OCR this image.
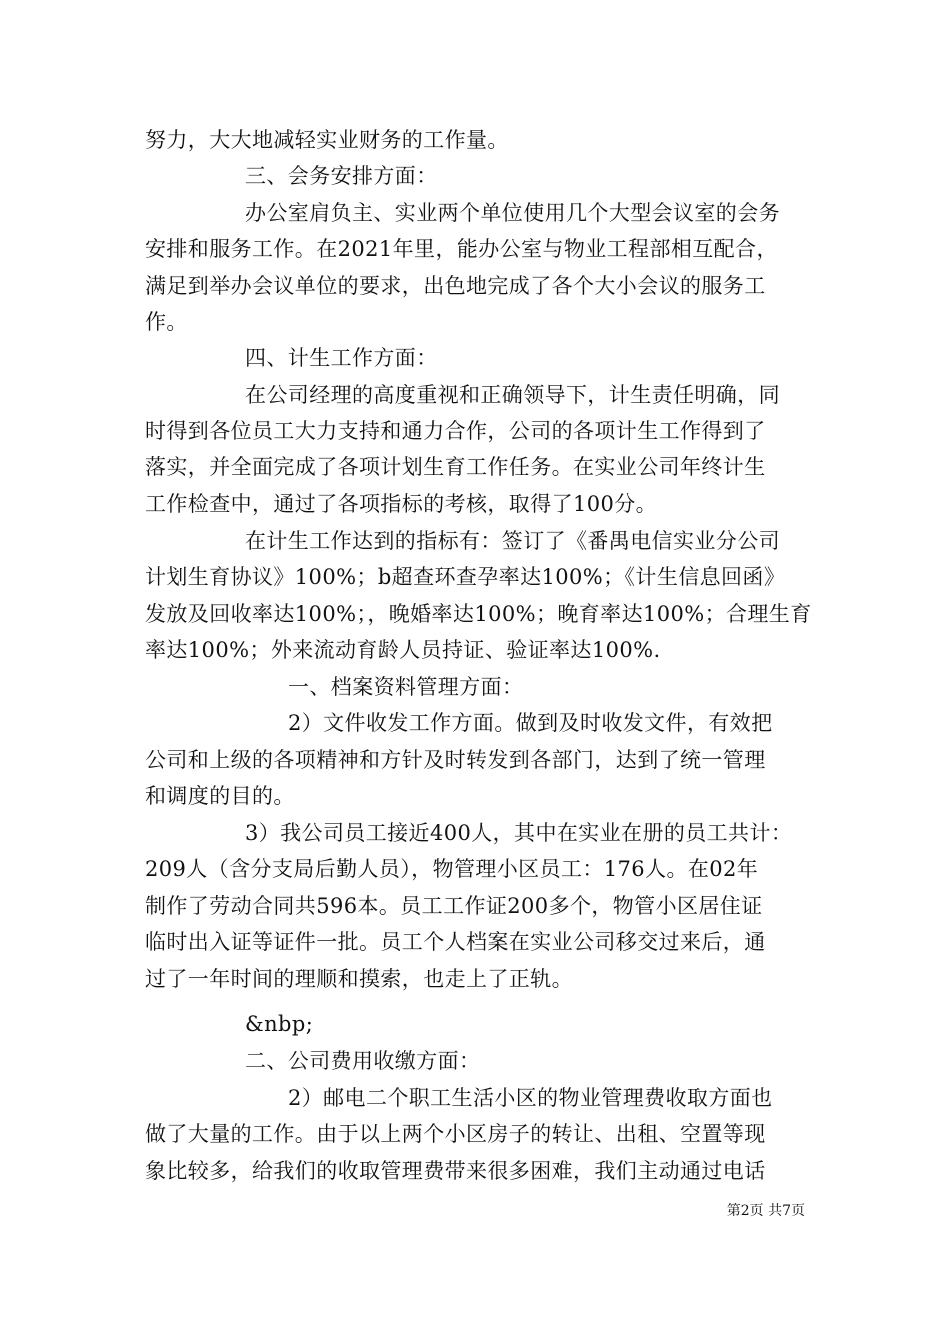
努力，大大地减轻实业财务的工作量。
三、会务安排方面：
办公室肩负主、实业两个单位使用几个大型会议室的会务
安排和服务工作。在2021年里，能办公室与物业工程部相互配合，
满足到举办会议单位的要求，出色地完成了各个大小会议的服务工
作。
四、计生工作方面：
在公司经理的高度重视和正确领导下，计生责任明确，同
时得到各位员工大力支持和通力合作，公司的各项计生工作得到了
落实，并全面完成了各项计划生育工作任务。在实业公司年终计生
工作检查中，通过了各项指标的考核，取得了100分。
在计生工作达到的指标有：签订了《番禺电信实业分公司
计划生育协议》100%；b超查环查孕率达100%；《计生信息回函》
发放及回收率达100%；，晚婚率达100%；晚育率达100%；合理生育
率达100%；外来流动育龄人员持证、验证率达100%.
一、档案资料管理方面：
2）文件收发工作方面。做到及时收发文件，有效把
公司和上级的各项精神和方针及时转发到各部门，达到了统一管理
和调度的目的。
3）我公司员工接近400人，其中在实业在册的员工共计：
209人（含分支局后勤人员），物管理小区员工：176人。在02年
制作了劳动合同共596本。员工工作证200多个，物管小区居住证
临时出入证等证件一批。员工个人档案在实业公司移交过来后，通
过了一年时间的理顺和摸索，也走上了正轨。
&nbp;
二、公司费用收缴方面：
2）邮电二个职工生活小区的物业管理费收取方面也
做了大量的工作。由于以上两个小区房子的转让、出租、空置等现
象比较多，给我们的收取管理费带来很多困难，我们主动通过电话
第2页 共7页
